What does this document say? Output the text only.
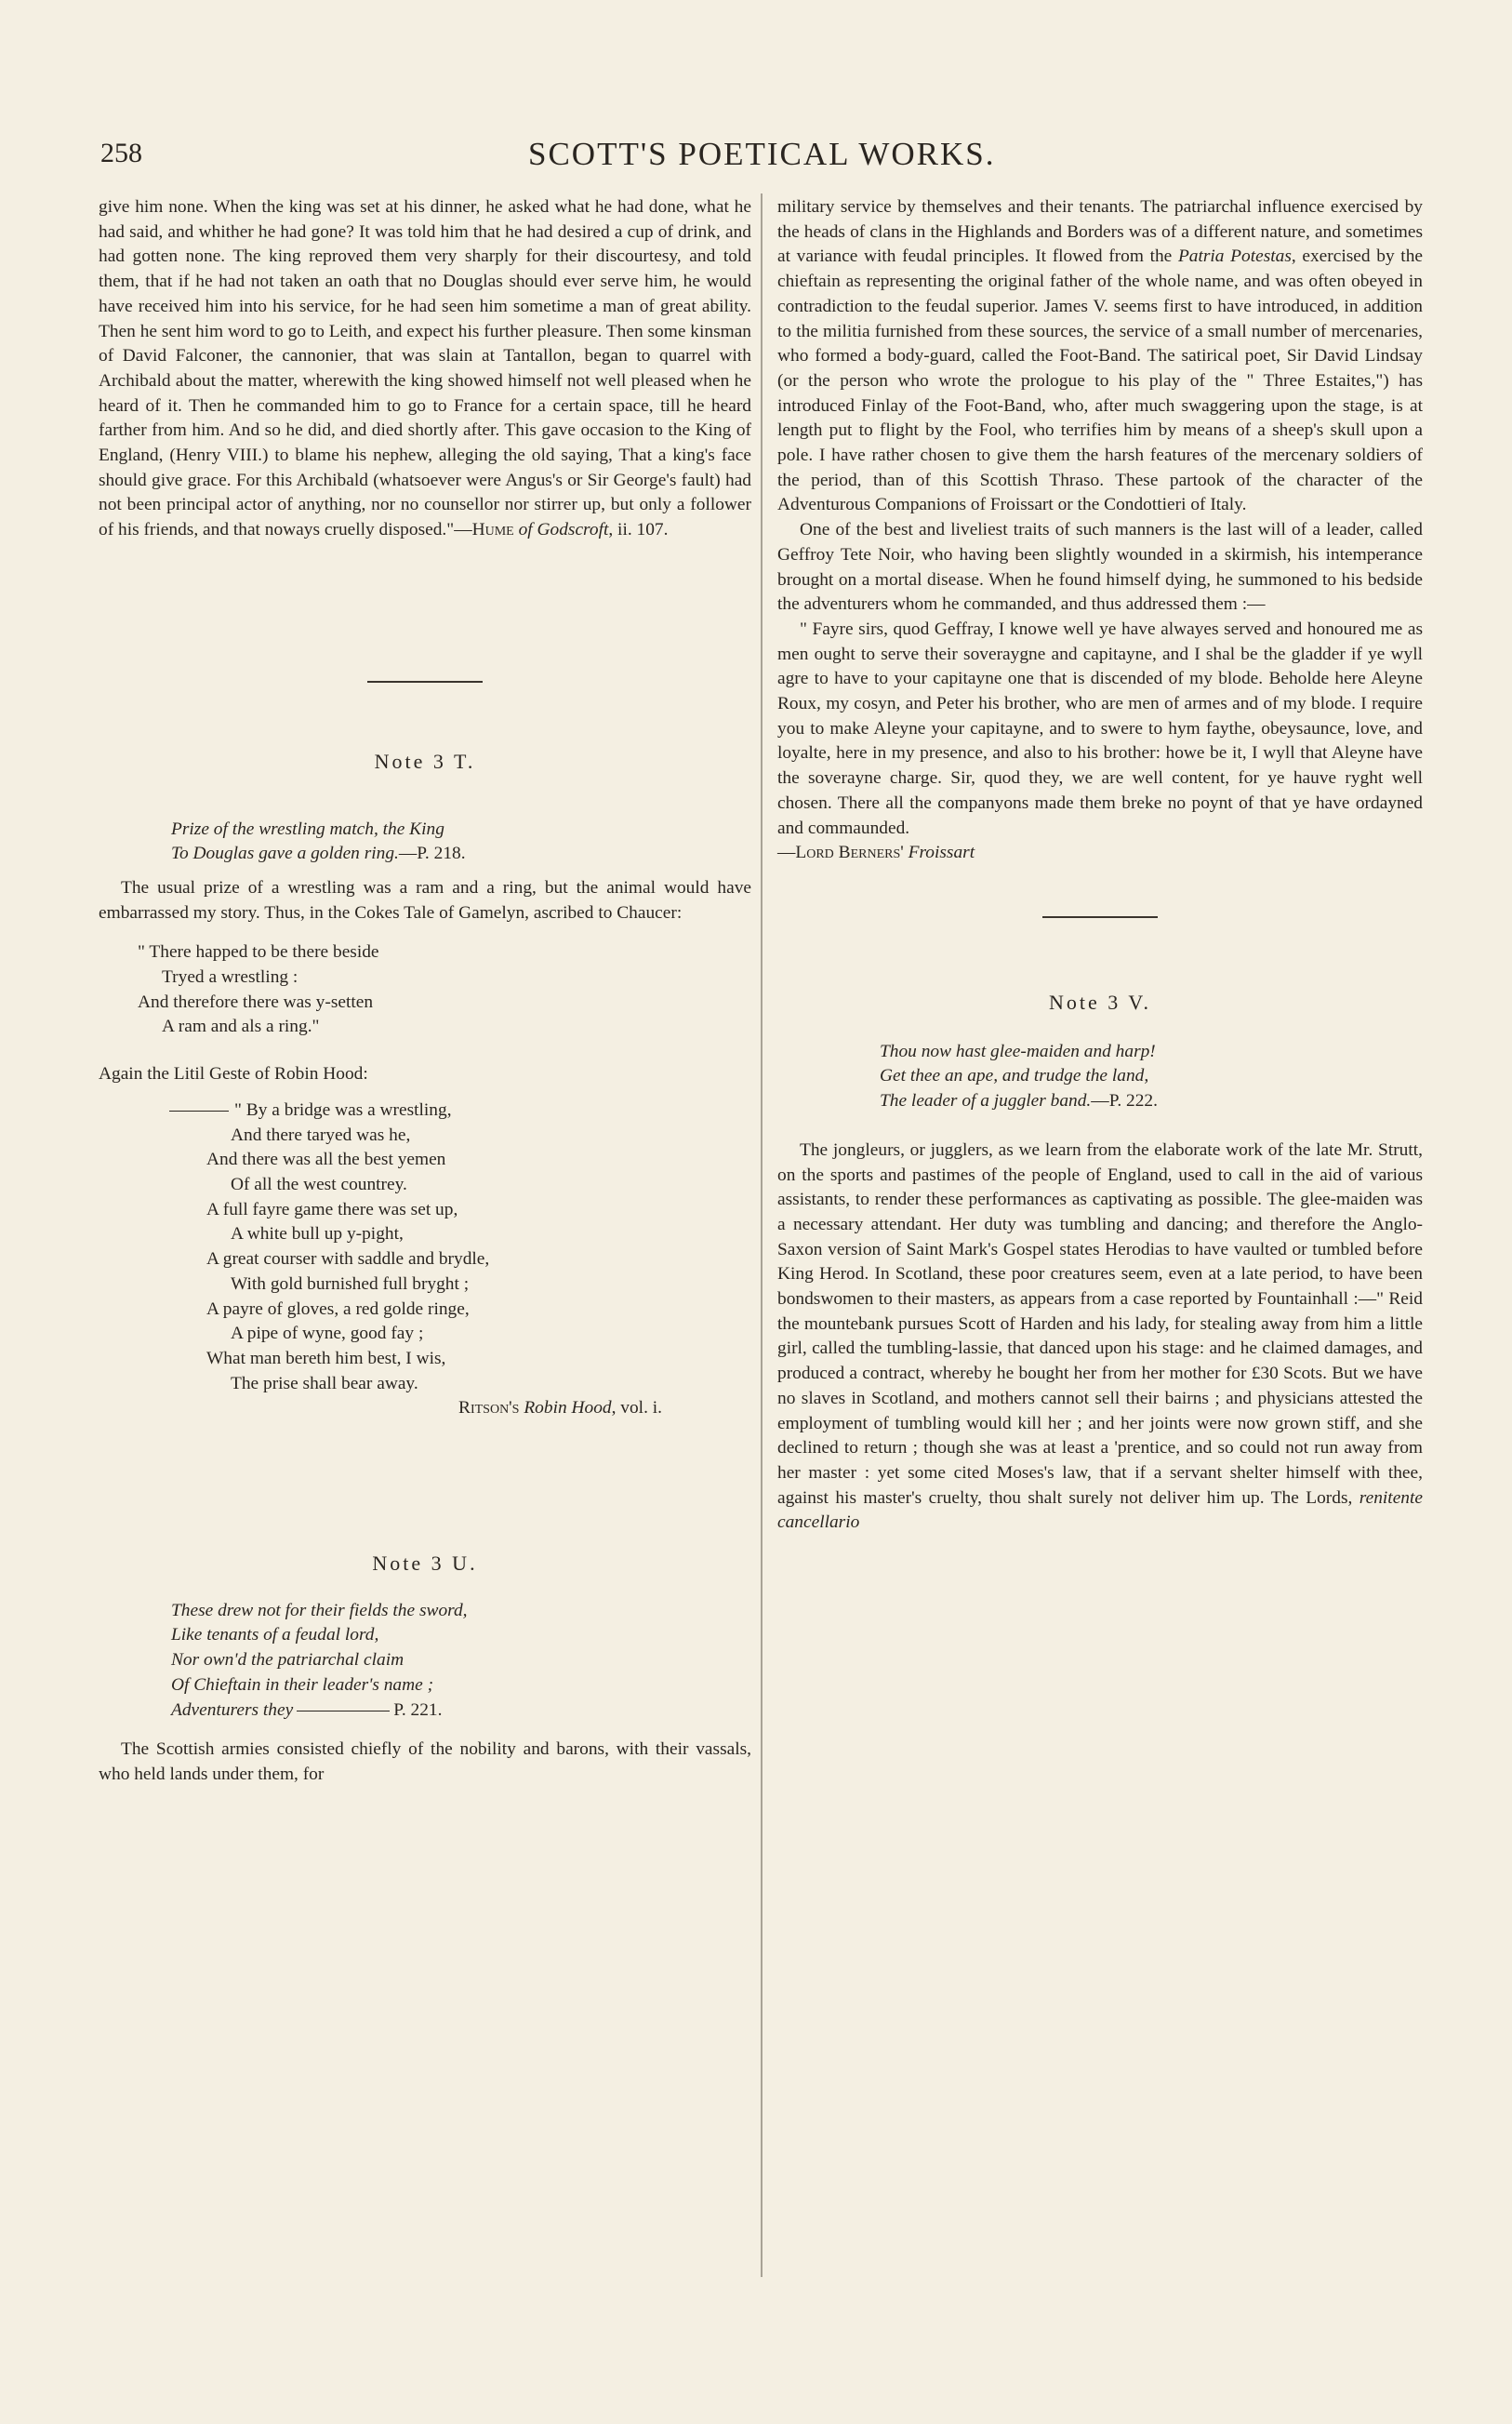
258	SCOTT'S POETICAL WORKS.

give him none. When the king was set at his dinner, he asked what he had done, what he had said, and whither he had gone? It was told him that he had desired a cup of drink, and had gotten none. The king reproved them very sharply for their discourtesy, and told them, that if he had not taken an oath that no Douglas should ever serve him, he would have received him into his service, for he had seen him sometime a man of great ability. Then he sent him word to go to Leith, and expect his further pleasure. Then some kinsman of David Falconer, the cannonier, that was slain at Tantallon, began to quarrel with Archibald about the matter, wherewith the king showed himself not well pleased when he heard of it. Then he commanded him to go to France for a certain space, till he heard farther from him. And so he did, and died shortly after. This gave occasion to the King of England, (Henry VIII.) to blame his nephew, alleging the old saying, That a king's face should give grace. For this Archibald (whatsoever were Angus's or Sir George's fault) had not been principal actor of anything, nor no counsellor nor stirrer up, but only a follower of his friends, and that noways cruelly disposed."—Hume of Godscroft, ii. 107.

Note 3 T.

Prize of the wrestling match, the King

To Douglas gave a golden ring.—P. 218.

The usual prize of a wrestling was a ram and a ring, but the animal would have embarrassed my story. Thus, in the Cokes Tale of Gamelyn, ascribed to Chaucer:

" There happed to be there beside
Tryed a wrestling :
And therefore there was y-setten
A ram and als a ring."

Again the Litil Geste of Robin Hood:

" By a bridge was a wrestling,
And there taryed was he,
And there was all the best yemen
Of all the west countrey.
A full fayre game there was set up,
A white bull up y-pight,
A great courser with saddle and brydle,
With gold burnished full bryght ;
A payre of gloves, a red golde ringe,
A pipe of wyne, good fay ;
What man bereth him best, I wis,
The prise shall bear away.
Ritson's Robin Hood, vol. i.
Note 3 U.

These drew not for their fields the sword,

Like tenants of a feudal lord,

Nor own'd the patriarchal claim

Of Chieftain in their leader's name ;

Adventurers they	P. 221.

The Scottish armies consisted chiefly of the nobility and barons, with their vassals, who held lands under them, for

military service by themselves and their tenants. The patriarchal influence exercised by the heads of clans in the Highlands and Borders was of a different nature, and sometimes at variance with feudal principles. It flowed from the Patria Potestas, exercised by the chieftain as representing the original father of the whole name, and was often obeyed in contradiction to the feudal superior. James V. seems first to have introduced, in addition to the militia furnished from these sources, the service of a small number of mercenaries, who formed a body-guard, called the Foot-Band. The satirical poet, Sir David Lindsay (or the person who wrote the prologue to his play of the " Three Estaites,") has introduced Finlay of the Foot-Band, who, after much swaggering upon the stage, is at length put to flight by the Fool, who terrifies him by means of a sheep's skull upon a pole. I have rather chosen to give them the harsh features of the mercenary soldiers of the period, than of this Scottish Thraso. These partook of the character of the Adventurous Companions of Froissart or the Condottieri of Italy.

One of the best and liveliest traits of such manners is the last will of a leader, called Geffroy Tete Noir, who having been slightly wounded in a skirmish, his intemperance brought on a mortal disease. When he found himself dying, he summoned to his bedside the adventurers whom he commanded, and thus addressed them :—

" Fayre sirs, quod Geffray, I knowe well ye have alwayes served and honoured me as men ought to serve their soveraygne and capitayne, and I shal be the gladder if ye wyll agre to have to your capitayne one that is discended of my blode. Beholde here Aleyne Roux, my cosyn, and Peter his brother, who are men of armes and of my blode. I require you to make Aleyne your capitayne, and to swere to hym faythe, obeysaunce, love, and loyalte, here in my presence, and also to his brother: howe be it, I wyll that Aleyne have the soverayne charge. Sir, quod they, we are well content, for ye hauve ryght well chosen. There all the companyons made them breke no poynt of that ye have ordayned and commaunded.

—Lord Berners' Froissart

Note 3 V.

Thou now hast glee-maiden and harp!

Get thee an ape, and trudge the land,

The leader of a juggler band.—P. 222.

The jongleurs, or jugglers, as we learn from the elaborate work of the late Mr. Strutt, on the sports and pastimes of the people of England, used to call in the aid of various assistants, to render these performances as captivating as possible. The glee-maiden was a necessary attendant. Her duty was tumbling and dancing; and therefore the Anglo-Saxon version of Saint Mark's Gospel states Herodias to have vaulted or tumbled before King Herod. In Scotland, these poor creatures seem, even at a late period, to have been bondswomen to their masters, as appears from a case reported by Fountainhall :—" Reid the mountebank pursues Scott of Harden and his lady, for stealing away from him a little girl, called the tumbling-lassie, that danced upon his stage: and he claimed damages, and produced a contract, whereby he bought her from her mother for £30 Scots. But we have no slaves in Scotland, and mothers cannot sell their bairns ; and physicians attested the employment of tumbling would kill her ; and her joints were now grown stiff, and she declined to return ; though she was at least a 'prentice, and so could not run away from her master : yet some cited Moses's law, that if a servant shelter himself with thee, against his master's cruelty, thou shalt surely not deliver him up. The Lords, renitente cancellario
